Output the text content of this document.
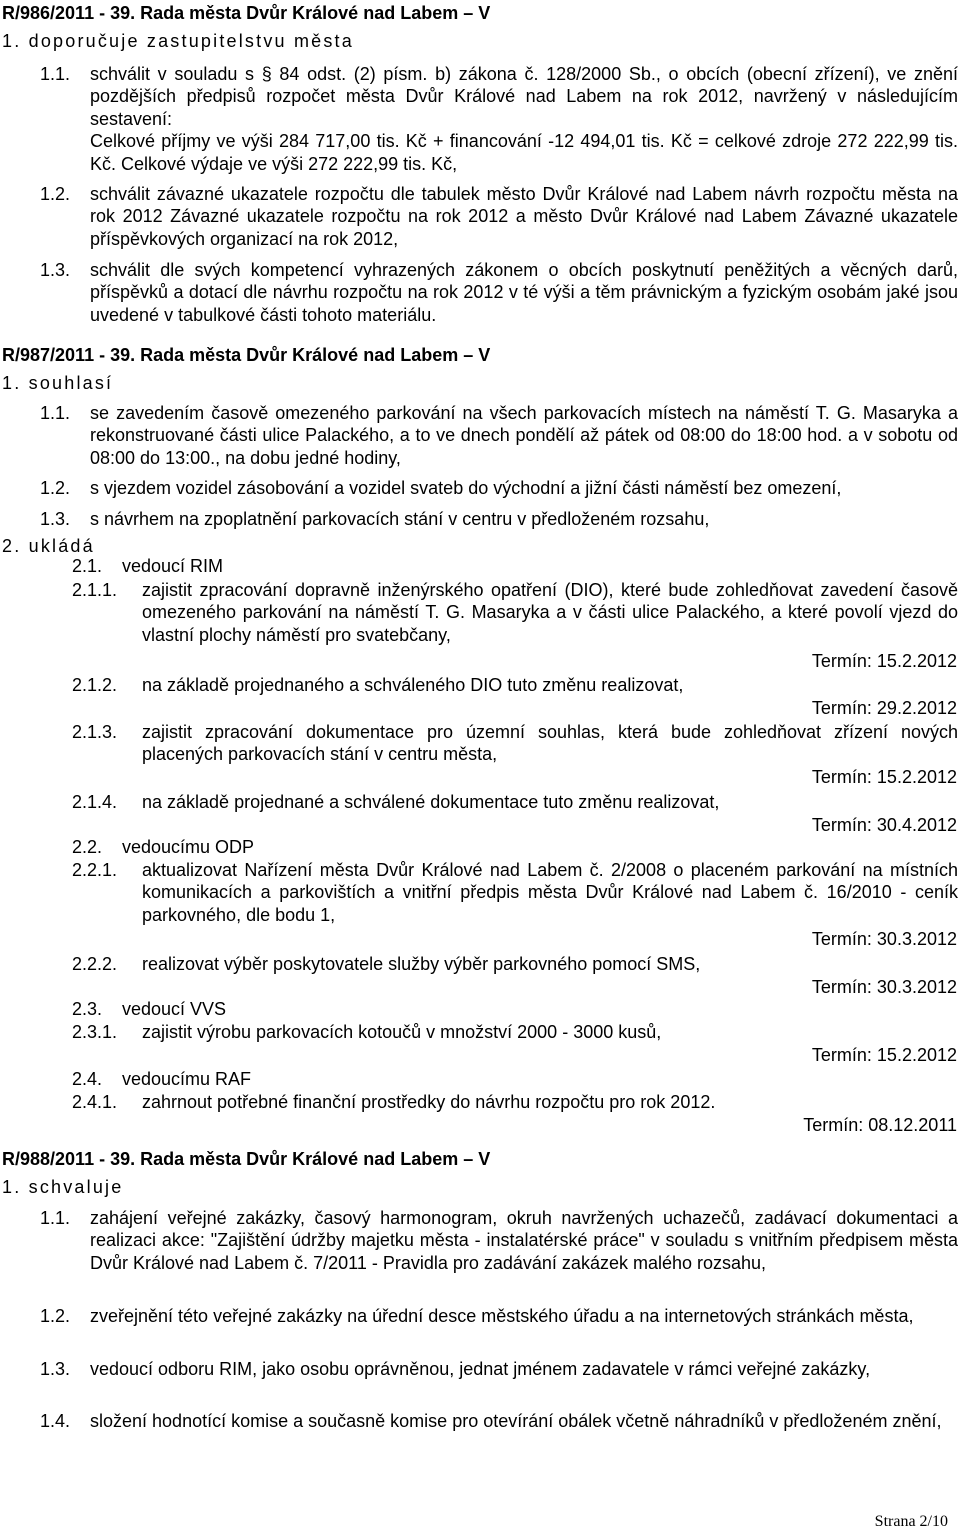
R/986/2011 - 39. Rada města Dvůr Králové nad Labem – V
1. doporučuje zastupitelstvu města
1.1. schválit v souladu s § 84 odst. (2) písm. b) zákona č. 128/2000 Sb., o obcích (obecní zřízení), ve znění pozdějších předpisů rozpočet města Dvůr Králové nad Labem na rok 2012, navržený v následujícím sestavení:
Celkové příjmy ve výši 284 717,00 tis. Kč + financování -12 494,01 tis. Kč = celkové zdroje 272 222,99 tis. Kč. Celkové výdaje ve výši 272 222,99 tis. Kč,
1.2. schválit závazné ukazatele rozpočtu dle tabulek město Dvůr Králové nad Labem návrh rozpočtu města na rok 2012 Závazné ukazatele rozpočtu na rok 2012 a město Dvůr Králové nad Labem Závazné ukazatele příspěvkových organizací na rok 2012,
1.3. schválit dle svých kompetencí vyhrazených zákonem o obcích poskytnutí peněžitých a věcných darů, příspěvků a dotací dle návrhu rozpočtu na rok 2012 v té výši a těm právnickým a fyzickým osobám jaké jsou uvedené v tabulkové části tohoto materiálu.
R/987/2011 - 39. Rada města Dvůr Králové nad Labem – V
1. souhlasí
1.1. se zavedením časově omezeného parkování na všech parkovacích místech na náměstí T. G. Masaryka a rekonstruované části ulice Palackého, a to ve dnech pondělí až pátek od 08:00 do 18:00 hod. a v sobotu od 08:00 do 13:00., na dobu jedné hodiny,
1.2. s vjezdem vozidel zásobování a vozidel svateb do východní a jižní části náměstí bez omezení,
1.3. s návrhem na zpoplatnění parkovacích stání v centru v předloženém rozsahu,
2. ukládá
2.1. vedoucí RIM
2.1.1. zajistit zpracování dopravně inženýrského opatření (DIO), které bude zohledňovat zavedení časově omezeného parkování na náměstí T. G. Masaryka a v části ulice Palackého, a které povolí vjezd do vlastní plochy náměstí pro svatebčany,
Termín: 15.2.2012
2.1.2. na základě projednaného a schváleného DIO tuto změnu realizovat,
Termín: 29.2.2012
2.1.3. zajistit zpracování dokumentace pro územní souhlas, která bude zohledňovat zřízení nových placených parkovacích stání v centru města,
Termín: 15.2.2012
2.1.4. na základě projednané a schválené dokumentace tuto změnu realizovat,
Termín: 30.4.2012
2.2. vedoucímu ODP
2.2.1. aktualizovat Nařízení města Dvůr Králové nad Labem č. 2/2008 o placeném parkování na místních komunikacích a parkovištích a vnitřní předpis města Dvůr Králové nad Labem č. 16/2010 - ceník parkovného, dle bodu 1,
Termín: 30.3.2012
2.2.2. realizovat výběr poskytovatele služby výběr parkovného pomocí SMS,
Termín: 30.3.2012
2.3. vedoucí VVS
2.3.1. zajistit výrobu parkovacích kotoučů v množství 2000 - 3000 kusů,
Termín: 15.2.2012
2.4. vedoucímu RAF
2.4.1. zahrnout potřebné finanční prostředky do návrhu rozpočtu pro rok 2012.
Termín: 08.12.2011
R/988/2011 - 39. Rada města Dvůr Králové nad Labem – V
1. schvaluje
1.1. zahájení veřejné zakázky, časový harmonogram, okruh navržených uchazečů, zadávací dokumentaci a realizaci akce: "Zajištění údržby majetku města - instalatérské práce" v souladu s vnitřním předpisem města Dvůr Králové nad Labem č. 7/2011 - Pravidla pro zadávání zakázek malého rozsahu,
1.2. zveřejnění této veřejné zakázky na úřední desce městského úřadu a na internetových stránkách města,
1.3. vedoucí odboru RIM, jako osobu oprávněnou, jednat jménem zadavatele v rámci veřejné zakázky,
1.4. složení hodnotící komise a současně komise pro otevírání obálek včetně náhradníků v předloženém znění,
Strana 2/10
